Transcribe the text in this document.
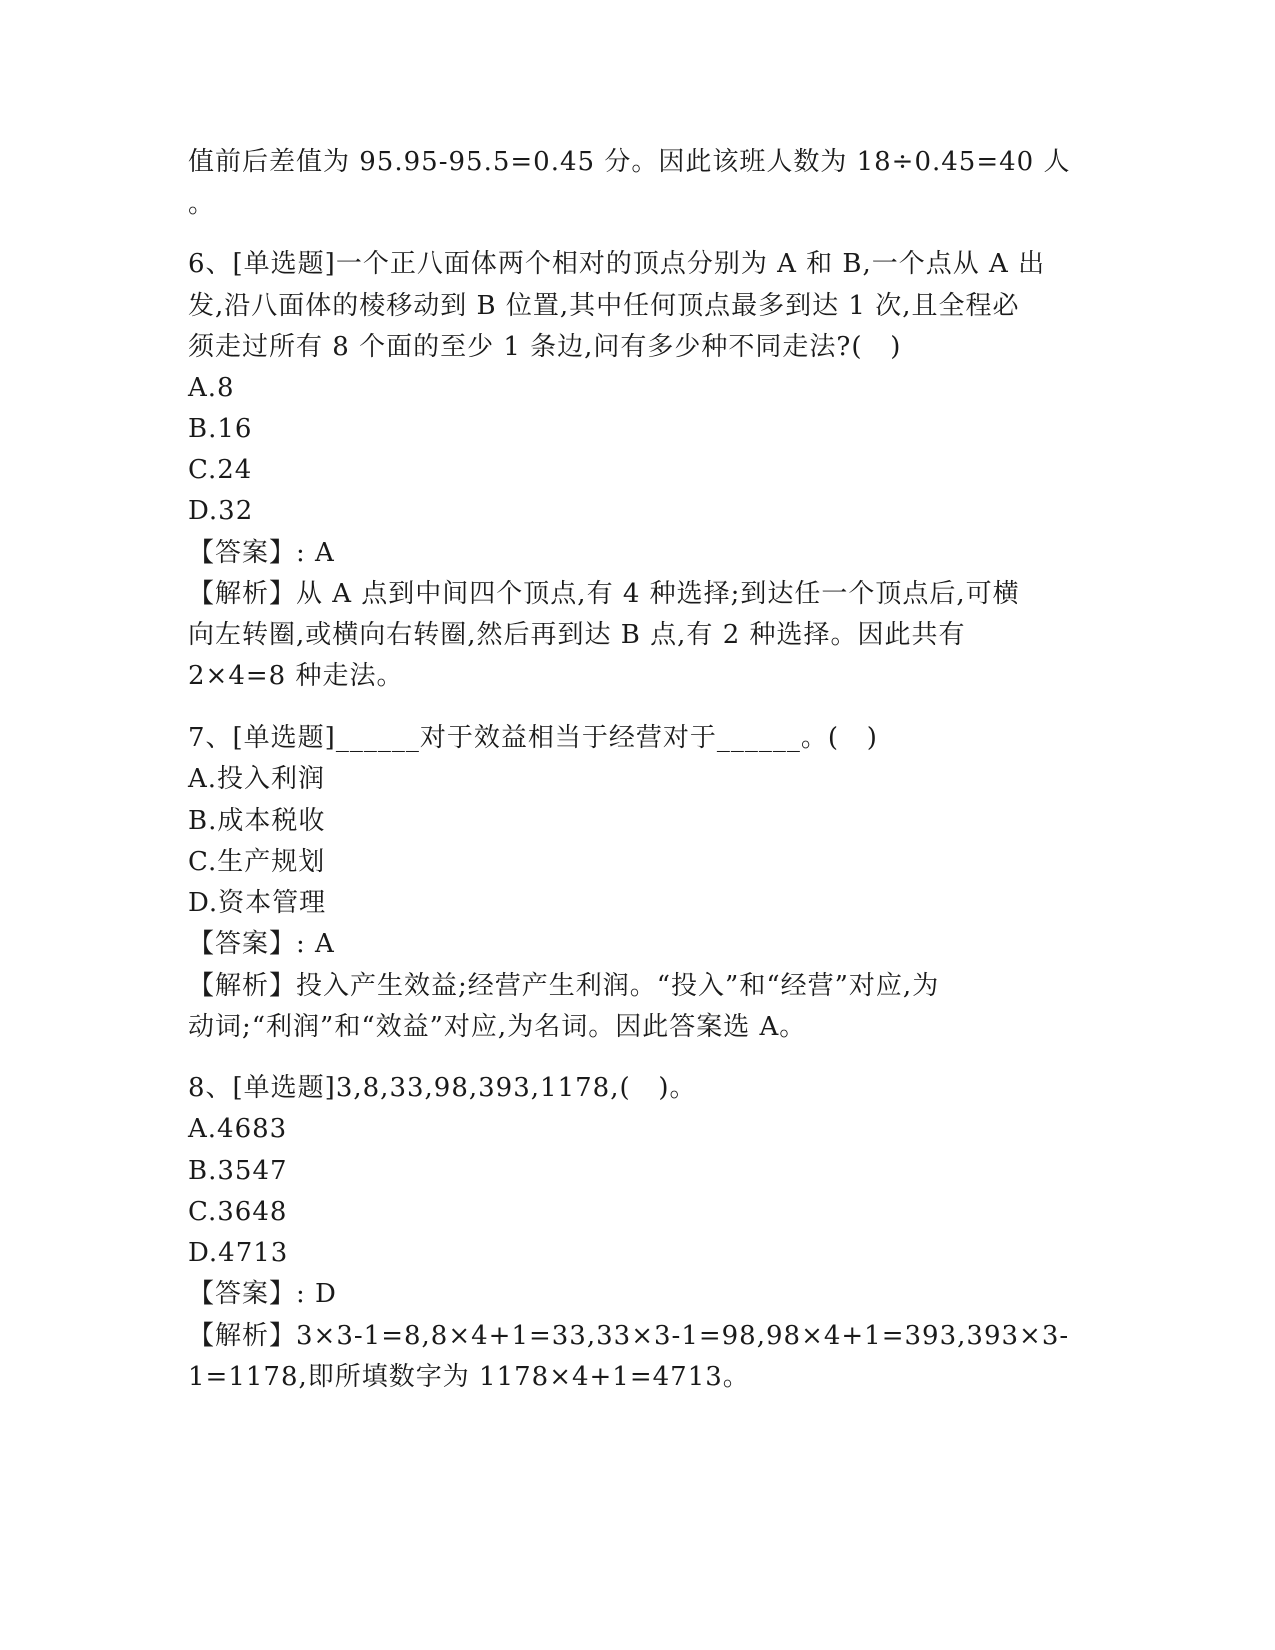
值前后差值为 95.95-95.5=0.45 分。因此该班人数为 18÷0.45=40 人
。
6、[单选题]一个正八面体两个相对的顶点分别为 A 和 B,一个点从 A 出
发,沿八面体的棱移动到 B 位置,其中任何顶点最多到达 1 次,且全程必
须走过所有 8 个面的至少 1 条边,问有多少种不同走法?(   )
A.8
B.16
C.24
D.32
【答案】: A
【解析】从 A 点到中间四个顶点,有 4 种选择;到达任一个顶点后,可横
向左转圈,或横向右转圈,然后再到达 B 点,有 2 种选择。因此共有
2×4=8 种走法。
7、[单选题]______对于效益相当于经营对于______。(   )
A.投入利润
B.成本税收
C.生产规划
D.资本管理
【答案】: A
【解析】投入产生效益;经营产生利润。“投入”和“经营”对应,为
动词;“利润”和“效益”对应,为名词。因此答案选 A。
8、[单选题]3,8,33,98,393,1178,(   )。
A.4683
B.3547
C.3648
D.4713
【答案】: D
【解析】3×3-1=8,8×4+1=33,33×3-1=98,98×4+1=393,393×3-
1=1178,即所填数字为 1178×4+1=4713。
